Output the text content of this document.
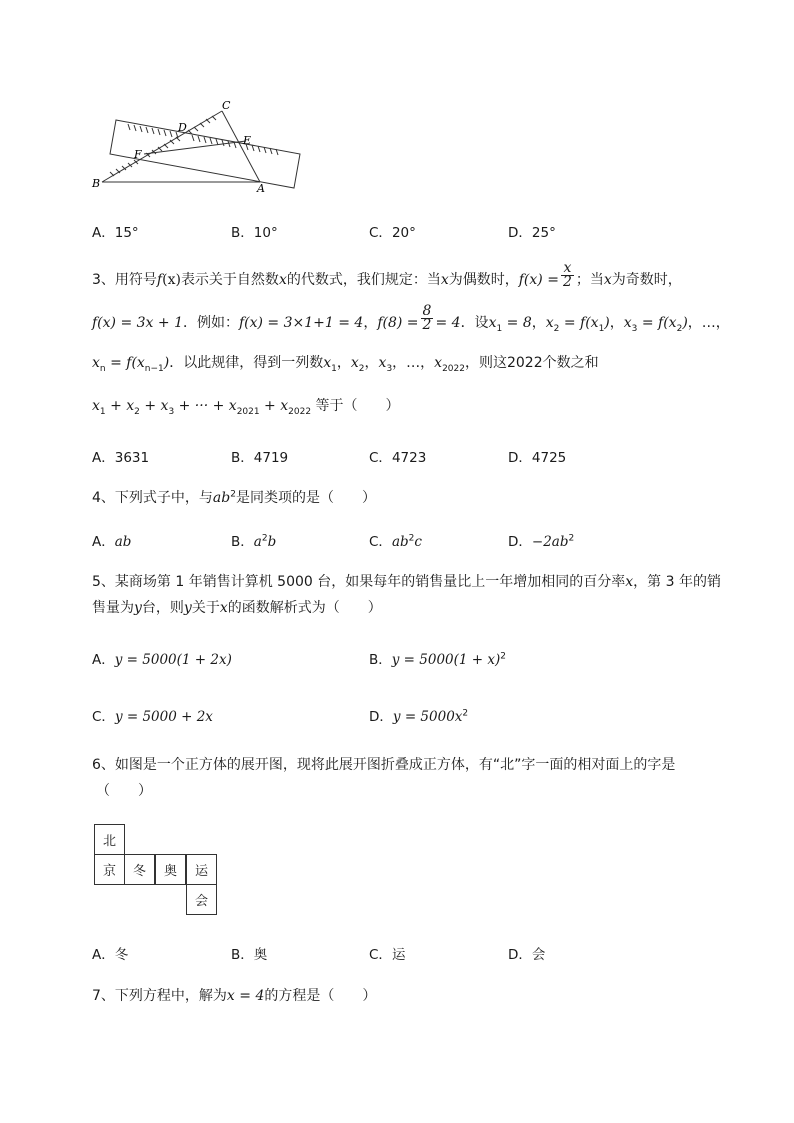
C
D
E
F
B	A
A．15°	B．10°	C．20°	D．25°
3、用符号f(x)表示关于自然数x的代数式，我们规定：当x为偶数时，$f(x) = \frac{x}{2}$ ；当x为奇数时，
f(x) = 3x + 1．例如：f(x) = 3×1+1 = 4，$f(8) = \frac{8}{2} = 4$．设$x_1 = 8$，$x_2 = f(x_1)$，$x_3 = f(x_2)$，…，
$x_n = f(x_{n-1})$．以此规律，得到一列数$x_1$，$x_2$，$x_3$，…，$x_{2022}$，则这2022个数之和
$x_1 + x_2 + x_3$ + ··· + $x_{2021} + x_{2022}$ 等于（　　）
A．3631	B．4719	C．4723	D．4725
4、下列式子中，与$ab^2$是同类项的是（　　）
A．ab	B．$a^2b$	C．$ab^2c$	D．$-2ab^2$
5、某商场第 1 年销售计算机 5000 台，如果每年的销售量比上一年增加相同的百分率x，第 3 年的销
售量为y台，则y关于x的函数解析式为（　　）
A．y = 5000(1 + 2x)	B．$y = 5000(1 + x)^2$
C．y = 5000 + 2x	D．$y = 5000x^2$
6、如图是一个正方体的展开图，现将此展开图折叠成正方体，有“北”字一面的相对面上的字是
（　　）
北
京	冬	奥	运
会
A．冬	B．奥	C．运	D．会
7、下列方程中，解为x = 4的方程是（　　）
